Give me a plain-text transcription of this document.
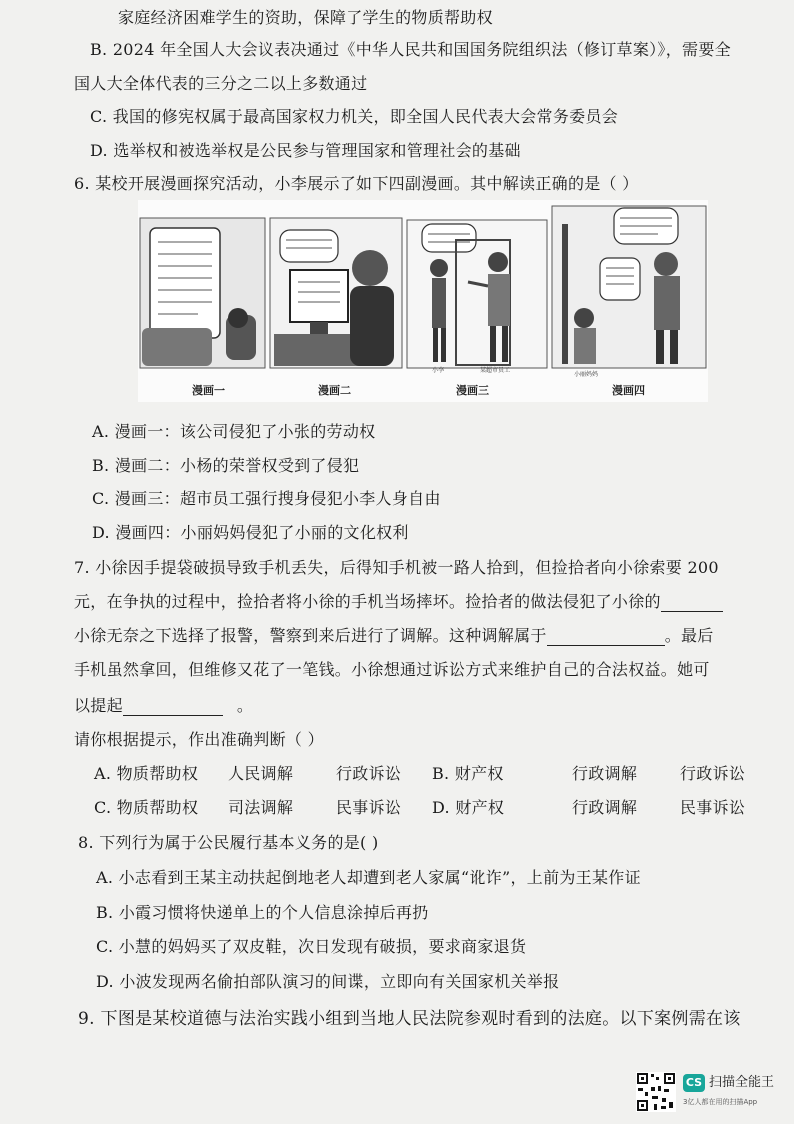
家庭经济困难学生的资助，保障了学生的物质帮助权
B. 2024 年全国人大会议表决通过《中华人民共和国国务院组织法（修订草案）》，需要全
国人大全体代表的三分之二以上多数通过
C. 我国的修宪权属于最高国家权力机关，即全国人民代表大会常务委员会
D. 选举权和被选举权是公民参与管理国家和管理社会的基础
6. 某校开展漫画探究活动，小李展示了如下四副漫画。其中解读正确的是（ ）
小李	某超市员工
小丽妈妈
漫画一	漫画二	漫画三	漫画四
A. 漫画一：该公司侵犯了小张的劳动权
B. 漫画二：小杨的荣誉权受到了侵犯
C. 漫画三：超市员工强行搜身侵犯小李人身自由
D. 漫画四：小丽妈妈侵犯了小丽的文化权利
7. 小徐因手提袋破损导致手机丢失，后得知手机被一路人拾到，但捡拾者向小徐索要 200
元，在争执的过程中，捡拾者将小徐的手机当场摔坏。捡拾者的做法侵犯了小徐的
小徐无奈之下选择了报警，警察到来后进行了调解。这种调解属于	。最后
手机虽然拿回，但维修又花了一笔钱。小徐想通过诉讼方式来维护自己的合法权益。她可
以提起	。
请你根据提示，作出准确判断（ ）
A. 物质帮助权 人民调解	行政诉讼 B. 财产权	行政调解	行政诉讼
C. 物质帮助权 司法调解	民事诉讼 D. 财产权	行政调解	民事诉讼
8. 下列行为属于公民履行基本义务的是( )
A. 小志看到王某主动扶起倒地老人却遭到老人家属“讹诈”，上前为王某作证
B. 小霞习惯将快递单上的个人信息涂掉后再扔
C. 小慧的妈妈买了双皮鞋，次日发现有破损，要求商家退货
D. 小波发现两名偷拍部队演习的间谍，立即向有关国家机关举报
9. 下图是某校道德与法治实践小组到当地人民法院参观时看到的法庭。以下案例需在该
CS 扫描全能王
3亿人都在用的扫描App
